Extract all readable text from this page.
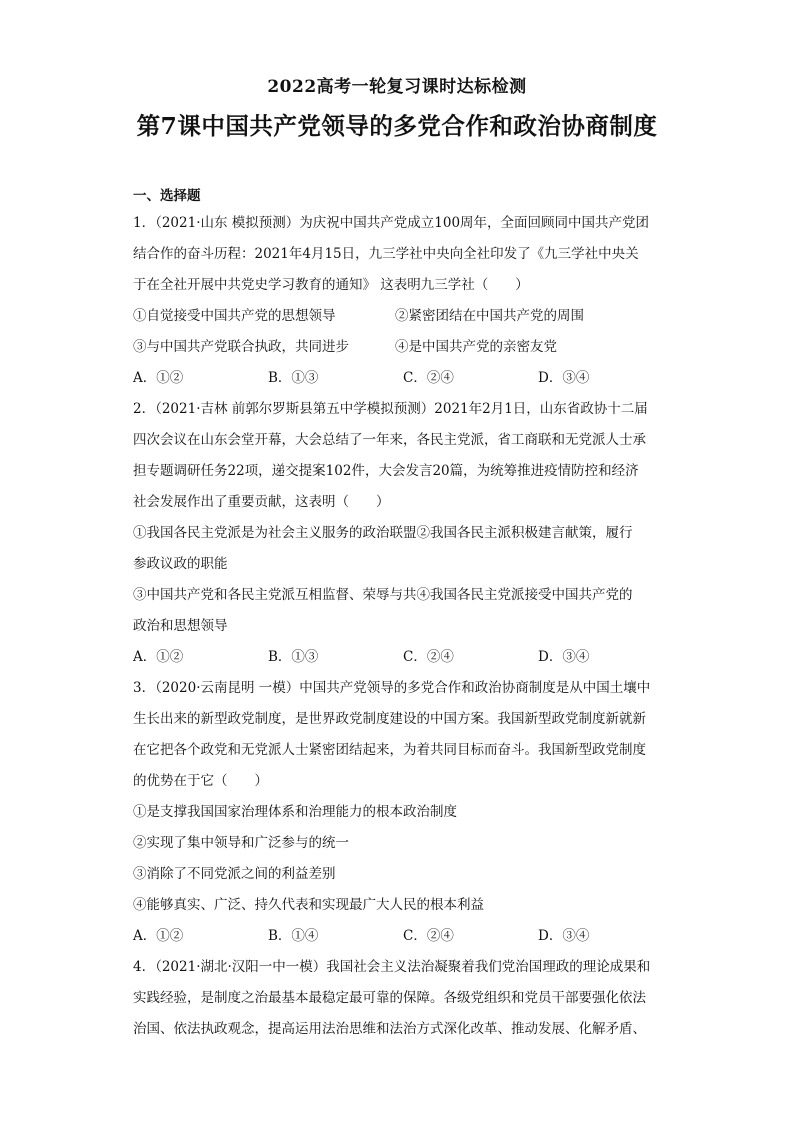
2022高考一轮复习课时达标检测
第7课中国共产党领导的多党合作和政治协商制度
一、选择题
1．（2021·山东 模拟预测）为庆祝中国共产党成立100周年，全面回顾同中国共产党团
结合作的奋斗历程：2021年4月15日，九三学社中央向全社印发了《九三学社中央关
于在全社开展中共党史学习教育的通知》 这表明九三学社（　　）
①自觉接受中国共产党的思想领导	②紧密团结在中国共产党的周围
③与中国共产党联合执政，共同进步	④是中国共产党的亲密友党
A．①②	B．①③	C．②④	D．③④
2．（2021·吉林 前郭尔罗斯县第五中学模拟预测）2021年2月1日，山东省政协十二届
四次会议在山东会堂开幕，大会总结了一年来，各民主党派，省工商联和无党派人士承
担专题调研任务22项，递交提案102件，大会发言20篇，为统筹推进疫情防控和经济
社会发展作出了重要贡献，这表明（　　）
①我国各民主党派是为社会主义服务的政治联盟②我国各民主派积极建言献策，履行
参政议政的职能
③中国共产党和各民主党派互相监督、荣辱与共④我国各民主党派接受中国共产党的
政治和思想领导
A．①②	B．①③	C．②④	D．③④
3．（2020·云南昆明 一模）中国共产党领导的多党合作和政治协商制度是从中国土壤中
生长出来的新型政党制度，是世界政党制度建设的中国方案。我国新型政党制度新就新
在它把各个政党和无党派人士紧密团结起来，为着共同目标而奋斗。我国新型政党制度
的优势在于它（　　）
①是支撑我国国家治理体系和治理能力的根本政治制度
②实现了集中领导和广泛参与的统一
③消除了不同党派之间的利益差别
④能够真实、广泛、持久代表和实现最广大人民的根本利益
A．①②	B．①④	C．②④	D．③④
4．（2021·湖北·汉阳一中一模）我国社会主义法治凝聚着我们党治国理政的理论成果和
实践经验，是制度之治最基本最稳定最可靠的保障。各级党组织和党员干部要强化依法
治国、依法执政观念，提高运用法治思维和法治方式深化改革、推动发展、化解矛盾、
